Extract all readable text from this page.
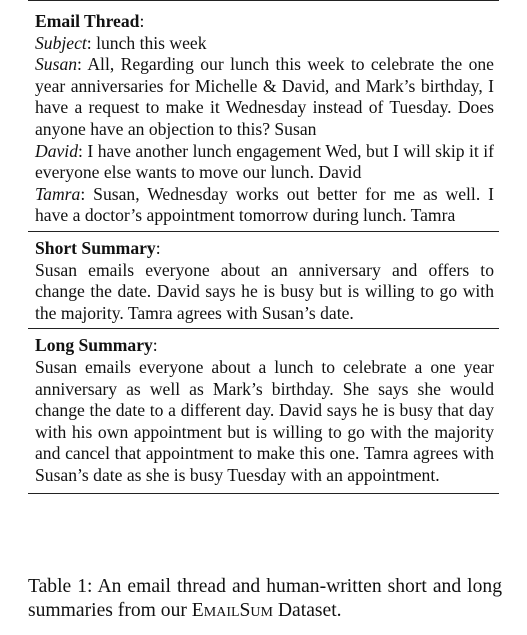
Email Thread:
Subject: lunch this week
Susan: All, Regarding our lunch this week to celebrate the one year anniversaries for Michelle & David, and Mark’s birthday, I have a request to make it Wednesday instead of Tuesday. Does anyone have an objection to this? Susan
David: I have another lunch engagement Wed, but I will skip it if everyone else wants to move our lunch. David
Tamra: Susan, Wednesday works out better for me as well. I have a doctor’s appointment tomorrow during lunch. Tamra
Short Summary:
Susan emails everyone about an anniversary and offers to change the date. David says he is busy but is willing to go with the majority. Tamra agrees with Susan’s date.
Long Summary:
Susan emails everyone about a lunch to celebrate a one year anniversary as well as Mark’s birthday. She says she would change the date to a different day. David says he is busy that day with his own appointment but is willing to go with the majority and cancel that appointment to make this one. Tamra agrees with Susan’s date as she is busy Tuesday with an appointment.
Table 1: An email thread and human-written short and long summaries from our EmailSum Dataset.
